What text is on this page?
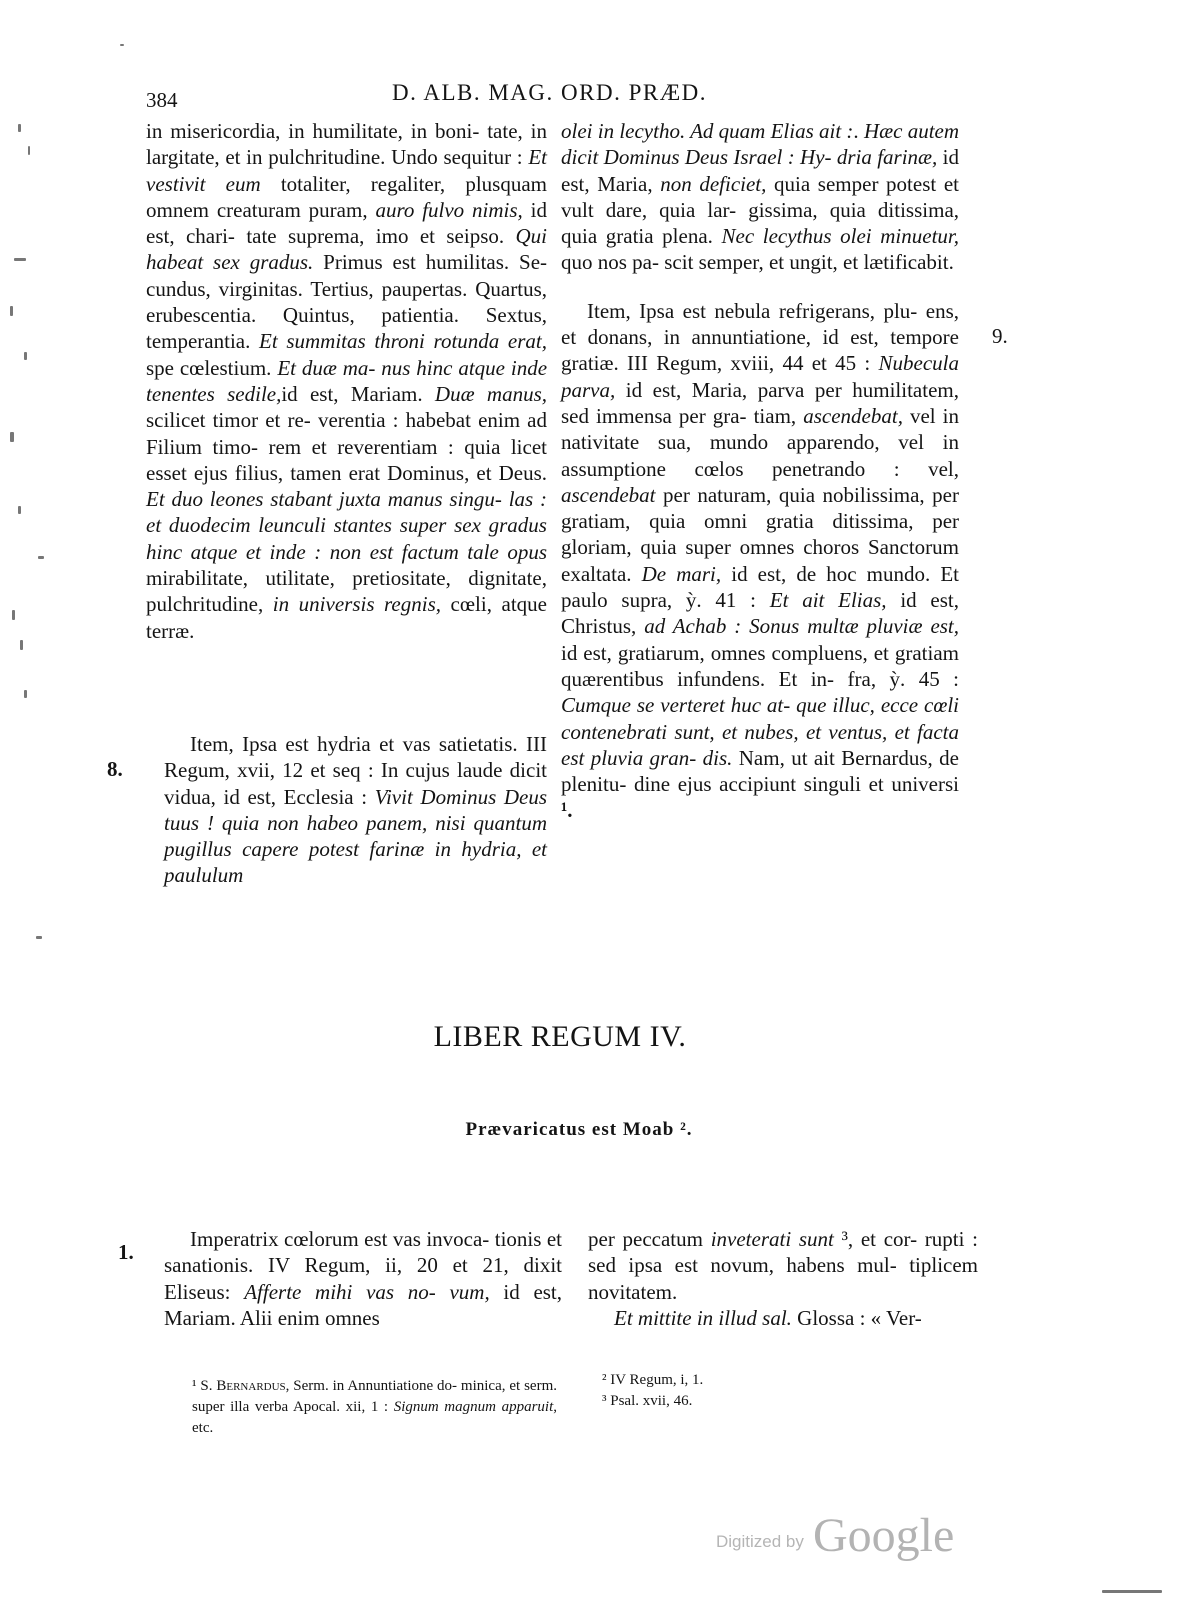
384	D. ALB. MAG. ORD. PRÆD.

in misericordia, in humilitate, in boni- tate, in largitate, et in pulchritudine. Undo sequitur : Et vestivit eum totaliter, regaliter, plusquam omnem creaturam puram, auro fulvo nimis, id est, chari- tate suprema, imo et seipso. Qui habeat sex gradus. Primus est humilitas. Se- cundus, virginitas. Tertius, paupertas. Quartus, erubescentia. Quintus, patientia. Sextus, temperantia. Et summitas throni rotunda erat, spe cœlestium. Et duæ ma- nus hinc atque inde tenentes sedile,id est, Mariam. Duæ manus, scilicet timor et re- verentia : habebat enim ad Filium timo- rem et reverentiam : quia licet esset ejus filius, tamen erat Dominus, et Deus. Et duo leones stabant juxta manus singu- las : et duodecim leunculi stantes super sex gradus hinc atque et inde : non est factum tale opus mirabilitate, utilitate, pretiositate, dignitate, pulchritudine, in universis regnis, cœli, atque terræ.

Item, Ipsa est hydria et vas satietatis. III Regum, xvii, 12 et seq : In cujus laude dicit vidua, id est, Ecclesia : Vivit Dominus Deus tuus ! quia non habeo panem, nisi quantum pugillus capere potest farinæ in hydria, et paululum

olei in lecytho. Ad quam Elias ait :. Hæc autem dicit Dominus Deus Israel : Hy- dria farinæ, id est, Maria, non deficiet, quia semper potest et vult dare, quia lar- gissima, quia ditissima, quia gratia plena. Nec lecythus olei minuetur, quo nos pa- scit semper, et ungit, et lætificabit.

Item, Ipsa est nebula refrigerans, plu- ens, et donans, in annuntiatione, id est, tempore gratiæ. III Regum, xviii, 44 et 45 : Nubecula parva, id est, Maria, parva per humilitatem, sed immensa per gra- tiam, ascendebat, vel in nativitate sua, mundo apparendo, vel in assumptione cœlos penetrando : vel, ascendebat per naturam, quia nobilissima, per gratiam, quia omni gratia ditissima, per gloriam, quia super omnes choros Sanctorum exaltata. De mari, id est, de hoc mundo. Et paulo supra, ỳ. 41 : Et ait Elias, id est, Christus, ad Achab : Sonus multæ pluviæ est, id est, gratiarum, omnes compluens, et gratiam quærentibus infundens. Et in- fra, ỳ. 45 : Cumque se verteret huc at- que illuc, ecce cœli contenebrati sunt, et nubes, et ventus, et facta est pluvia gran- dis. Nam, ut ait Bernardus, de plenitu- dine ejus accipiunt singuli et universi ¹.

8.
9.
1.
LIBER REGUM IV.
Prævaricatus est Moab ².

Imperatrix cœlorum est vas invoca- tionis et sanationis. IV Regum, ii, 20 et 21, dixit Eliseus: Afferte mihi vas no- vum, id est, Mariam. Alii enim omnes

per peccatum inveterati sunt ³, et cor- rupti : sed ipsa est novum, habens mul- tiplicem novitatem.

Et mittite in illud sal. Glossa : « Ver-

¹ S. Bernardus, Serm. in Annuntiatione do- minica, et serm. super illa verba Apocal. xii, 1 : Signum magnum apparuit, etc.
² IV Regum, i, 1.
³ Psal. xvii, 46.
Digitized by Google
